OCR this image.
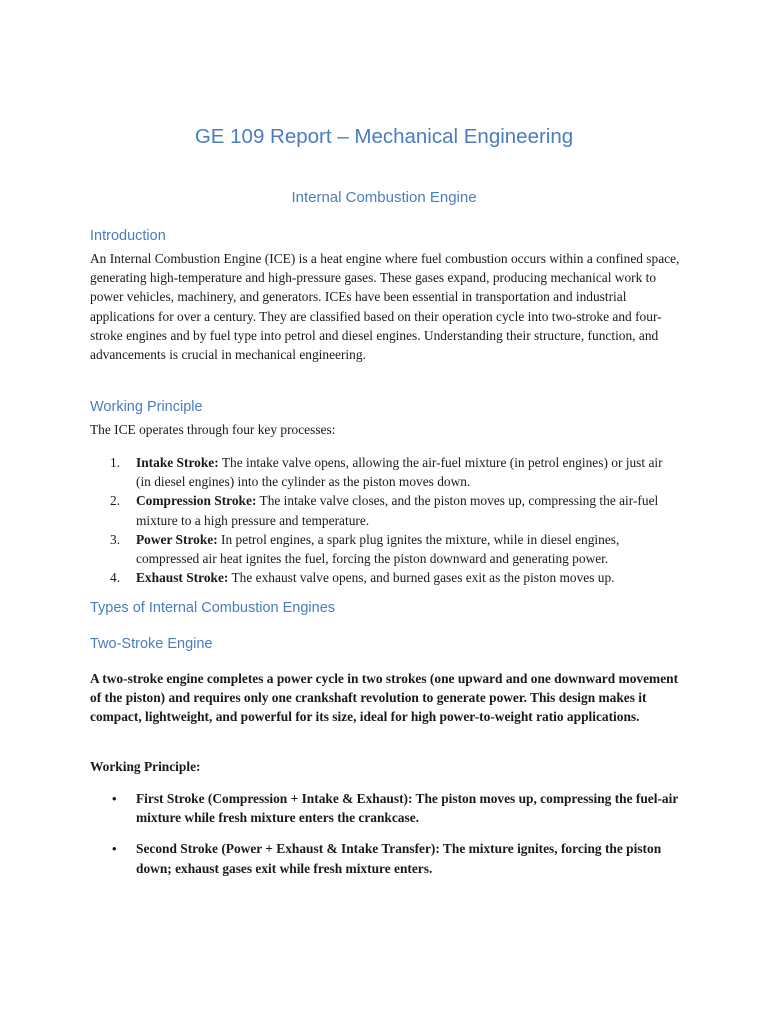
GE 109 Report – Mechanical Engineering
Internal Combustion Engine
Introduction

An Internal Combustion Engine (ICE) is a heat engine where fuel combustion occurs within a confined space, generating high-temperature and high-pressure gases. These gases expand, producing mechanical work to power vehicles, machinery, and generators. ICEs have been essential in transportation and industrial applications for over a century. They are classified based on their operation cycle into two-stroke and four-stroke engines and by fuel type into petrol and diesel engines. Understanding their structure, function, and advancements is crucial in mechanical engineering.

Working Principle

The ICE operates through four key processes:

1. Intake Stroke: The intake valve opens, allowing the air-fuel mixture (in petrol engines) or just air (in diesel engines) into the cylinder as the piston moves down.
2. Compression Stroke: The intake valve closes, and the piston moves up, compressing the air-fuel mixture to a high pressure and temperature.
3. Power Stroke: In petrol engines, a spark plug ignites the mixture, while in diesel engines, compressed air heat ignites the fuel, forcing the piston downward and generating power.
4. Exhaust Stroke: The exhaust valve opens, and burned gases exit as the piston moves up.
Types of Internal Combustion Engines
Two-Stroke Engine

A two-stroke engine completes a power cycle in two strokes (one upward and one downward movement of the piston) and requires only one crankshaft revolution to generate power. This design makes it compact, lightweight, and powerful for its size, ideal for high power-to-weight ratio applications.

Working Principle:

• First Stroke (Compression + Intake & Exhaust): The piston moves up, compressing the fuel-air mixture while fresh mixture enters the crankcase.
• Second Stroke (Power + Exhaust & Intake Transfer): The mixture ignites, forcing the piston down; exhaust gases exit while fresh mixture enters.
